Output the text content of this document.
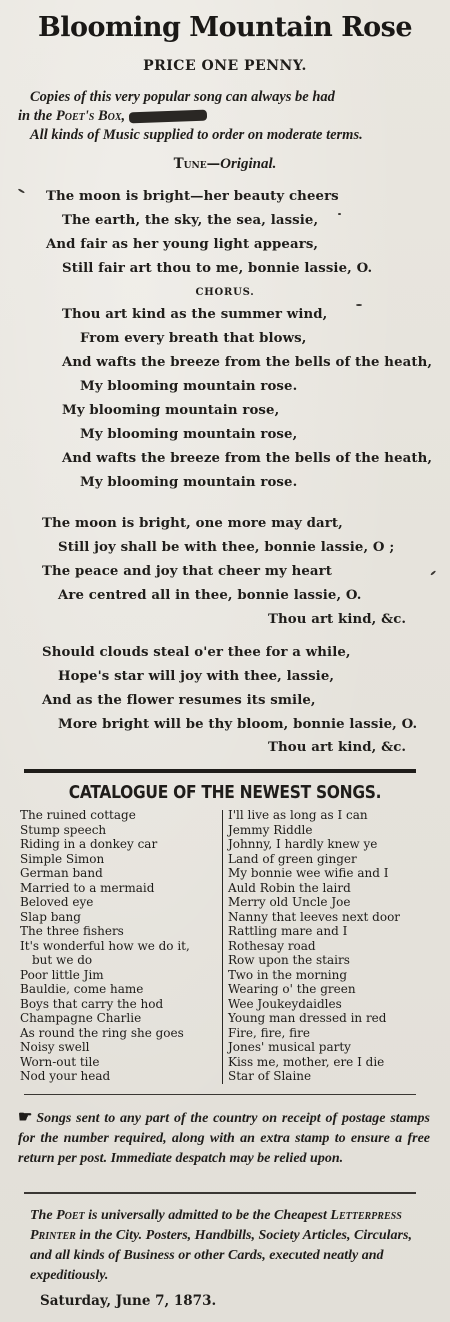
Blooming Mountain Rose
PRICE ONE PENNY.
Copies of this very popular song can always be had
in the Poet's Box,
All kinds of Music supplied to order on moderate terms.
Tune—Original.
The moon is bright—her beauty cheers
The earth, the sky, the sea, lassie,
And fair as her young light appears,
Still fair art thou to me, bonnie lassie, O.
CHORUS.
Thou art kind as the summer wind,
From every breath that blows,
And wafts the breeze from the bells of the heath,
My blooming mountain rose.
My blooming mountain rose,
My blooming mountain rose,
And wafts the breeze from the bells of the heath,
My blooming mountain rose.
The moon is bright, one more may dart,
Still joy shall be with thee, bonnie lassie, O ;
The peace and joy that cheer my heart
Are centred all in thee, bonnie lassie, O.
Thou art kind, &c.
Should clouds steal o'er thee for a while,
Hope's star will joy with thee, lassie,
And as the flower resumes its smile,
More bright will be thy bloom, bonnie lassie, O.
Thou art kind, &c.
CATALOGUE OF THE NEWEST SONGS.
The ruined cottage
Stump speech
Riding in a donkey car
Simple Simon
German band
Married to a mermaid
Beloved eye
Slap bang
The three fishers
It's wonderful how we do it,
but we do
Poor little Jim
Bauldie, come hame
Boys that carry the hod
Champagne Charlie
As round the ring she goes
Noisy swell
Worn-out tile
Nod your head
I'll live as long as I can
Jemmy Riddle
Johnny, I hardly knew ye
Land of green ginger
My bonnie wee wifie and I
Auld Robin the laird
Merry old Uncle Joe
Nanny that leeves next door
Rattling mare and I
Rothesay road
Row upon the stairs
Two in the morning
Wearing o' the green
Wee Joukeydaidles
Young man dressed in red
Fire, fire, fire
Jones' musical party
Kiss me, mother, ere I die
Star of Slaine
☛ Songs sent to any part of the country on receipt of postage stamps for the number required, along with an extra stamp to ensure a free return per post. Immediate despatch may be relied upon.
The Poet is universally admitted to be the Cheapest Letterpress Printer in the City. Posters, Handbills, Society Articles, Circulars, and all kinds of Business or other Cards, executed neatly and expeditiously.
Saturday, June 7, 1873.
